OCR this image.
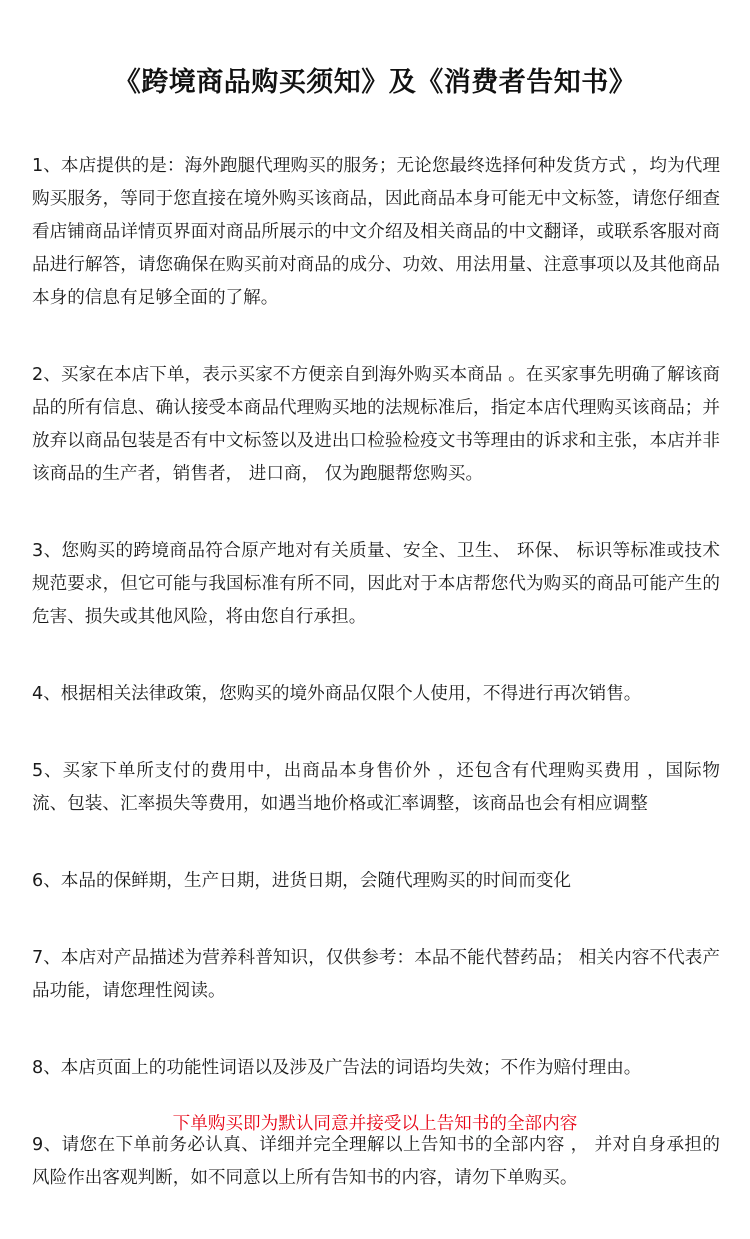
《跨境商品购买须知》及《消费者告知书》

1、本店提供的是：海外跑腿代理购买的服务；无论您最终选择何种发货方式 ，均为代理购买服务，等同于您直接在境外购买该商品，因此商品本身可能无中文标签，请您仔细查看店铺商品详情页界面对商品所展示的中文介绍及相关商品的中文翻译，或联系客服对商品进行解答，请您确保在购买前对商品的成分、功效、用法用量、注意事项以及其他商品本身的信息有足够全面的了解。

2、买家在本店下单，表示买家不方便亲自到海外购买本商品 。在买家事先明确了解该商品的所有信息、确认接受本商品代理购买地的法规标准后，指定本店代理购买该商品；并放弃以商品包装是否有中文标签以及进出口检验检疫文书等理由的诉求和主张，本店并非该商品的生产者，销售者， 进口商， 仅为跑腿帮您购买。

3、您购买的跨境商品符合原产地对有关质量、安全、卫生、 环保、 标识等标准或技术规范要求，但它可能与我国标准有所不同，因此对于本店帮您代为购买的商品可能产生的危害、损失或其他风险，将由您自行承担。

4、根据相关法律政策，您购买的境外商品仅限个人使用，不得进行再次销售。

5、买家下单所支付的费用中，出商品本身售价外 ，还包含有代理购买费用 ，国际物流、包装、汇率损失等费用，如遇当地价格或汇率调整，该商品也会有相应调整

6、本品的保鲜期，生产日期，进货日期，会随代理购买的时间而变化

7、本店对产品描述为营养科普知识，仅供参考：本品不能代替药品； 相关内容不代表产品功能，请您理性阅读。

8、本店页面上的功能性词语以及涉及广告法的词语均失效；不作为赔付理由。

9、请您在下单前务必认真、详细并完全理解以上告知书的全部内容 ， 并对自身承担的风险作出客观判断，如不同意以上所有告知书的内容，请勿下单购买。

下单购买即为默认同意并接受以上告知书的全部内容
